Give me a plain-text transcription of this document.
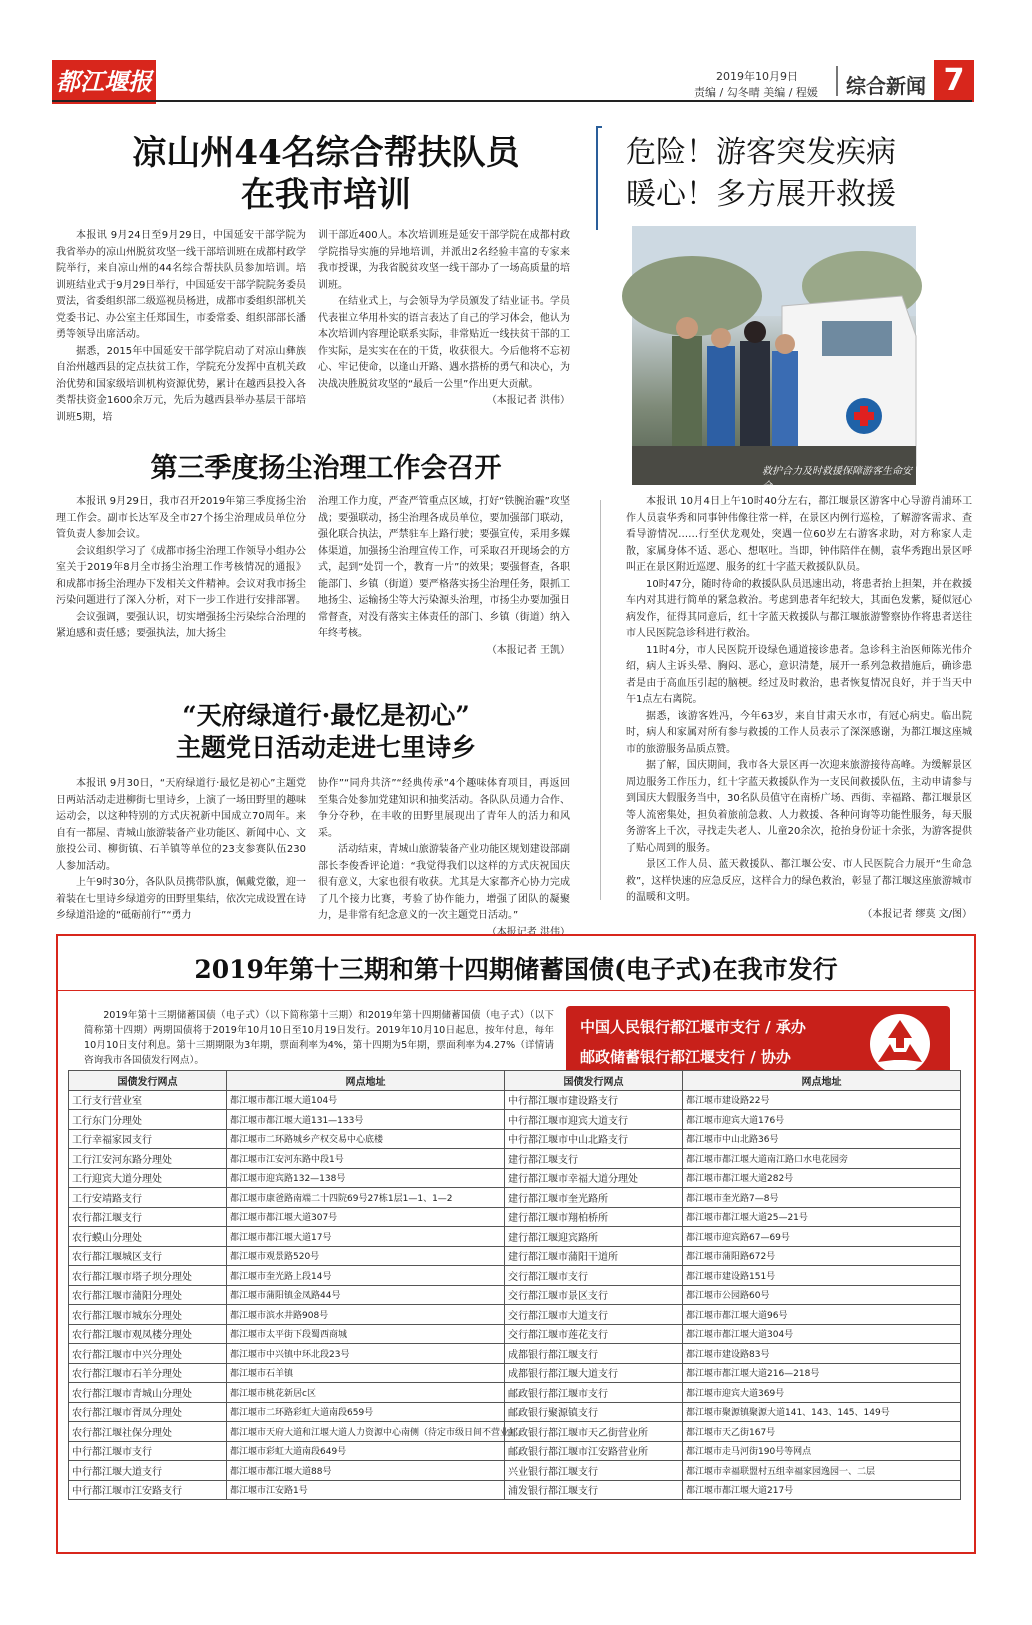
都江堰报	2019年10月9日
责编 / 勾冬晴 美编 / 程媛 综合新闻 7
凉山州44名综合帮扶队员
在我市培训

本报讯 9月24日至9月29日，中国延安干部学院为我省举办的凉山州脱贫攻坚一线干部培训班在成都村政学院举行，来自凉山州的44名综合帮扶队员参加培训。培训班结业式于9月29日举行，中国延安干部学院院务委员贾法，省委组织部二级巡视员杨进，成都市委组织部机关党委书记、办公室主任郑国生，市委常委、组织部部长潘勇等领导出席活动。

据悉，2015年中国延安干部学院启动了对凉山彝族自治州越西县的定点扶贫工作，学院充分发挥中直机关政治优势和国家级培训机构资源优势，累计在越西县投入各类帮扶资金1600余万元，先后为越西县举办基层干部培训班5期，培

训干部近400人。本次培训班是延安干部学院在成都村政学院指导实施的异地培训，并派出2名经验丰富的专家来我市授课，为我省脱贫攻坚一线干部办了一场高质量的培训班。

在结业式上，与会领导为学员颁发了结业证书。学员代表崔立华用朴实的语言表达了自己的学习体会，他认为本次培训内容理论联系实际，非常贴近一线扶贫干部的工作实际，是实实在在的干货，收获很大。今后他将不忘初心、牢记使命，以逢山开路、遇水搭桥的勇气和决心，为决战决胜脱贫攻坚的“最后一公里”作出更大贡献。

（本报记者 洪伟）
第三季度扬尘治理工作会召开

本报讯 9月29日，我市召开2019年第三季度扬尘治理工作会。副市长达军及全市27个扬尘治理成员单位分管负责人参加会议。

会议组织学习了《成都市扬尘治理工作领导小组办公室关于2019年8月全市扬尘治理工作考核情况的通报》和成都市扬尘治理办下发相关文件精神。会议对我市扬尘污染问题进行了深入分析，对下一步工作进行安排部署。

会议强调，要强认识，切实增强扬尘污染综合治理的紧迫感和责任感；要强执法，加大扬尘

治理工作力度，严查严管重点区域，打好“铁腕治霾”攻坚战；要强联动，扬尘治理各成员单位，要加强部门联动，强化联合执法，严禁驻车上路行驶；要强宣传，采用多媒体渠道，加强扬尘治理宣传工作，可采取召开现场会的方式，起到“处罚一个，教育一片”的效果；要强督查，各职能部门、乡镇（街道）要严格落实扬尘治理任务，限抓工地扬尘、运输扬尘等大污染源头治理，市扬尘办要加强日常督查，对没有落实主体责任的部门、乡镇（街道）纳入年终考核。

（本报记者 王凯）
“天府绿道行·最忆是初心”
主题党日活动走进七里诗乡

本报讯 9月30日，“天府绿道行·最忆是初心”主题党日两站活动走进柳街七里诗乡，上演了一场田野里的趣味运动会，以这种特别的方式庆祝新中国成立70周年。来自有一都屋、青城山旅游装备产业功能区、新闻中心、文旅投公司、柳街镇、石羊镇等单位的23支参赛队伍230人参加活动。

上午9时30分，各队队员携带队旗，佩戴党徽，迎一着装在七里诗乡绿道旁的田野里集结，依次完成设置在诗乡绿道沿途的“砥砺前行”“勇力

协作”“同舟共济”“经典传承”4个趣味体育项目，再返回至集合处参加党建知识和抽奖活动。各队队员通力合作、争分夺秒，在丰收的田野里展现出了青年人的活力和风采。

活动结束，青城山旅游装备产业功能区规划建设部副部长李俊香评论道：“我觉得我们以这样的方式庆祝国庆很有意义，大家也很有收获。尤其是大家都齐心协力完成了几个接力比赛，考验了协作能力，增强了团队的凝聚力，是非常有纪念意义的一次主题党日活动。”

（本报记者 洪伟）
危险！游客突发疾病
暖心！多方展开救援
救护合力及时救援保障游客生命安全。

本报讯 10月4日上午10时40分左右，都江堰景区游客中心导游肖浦环工作人员袁华秀和同事钟伟像往常一样，在景区内例行巡检，了解游客需求、查看导游情况……行至伏龙观处，突遇一位60岁左右游客求助，对方称家人走散，家属身体不适、恶心、想呕吐。当即，钟伟陪伴在侧，袁华秀跑出景区呼叫正在景区附近巡逻、服务的红十字蓝天救援队队员。

10时47分，随时待命的救援队队员迅速出动，将患者抬上担架，并在救援车内对其进行简单的紧急救治。考虑到患者年纪较大，其面色发紫，疑似冠心病发作，征得其同意后，红十字蓝天救援队与都江堰旅游警察协作将患者送往市人民医院急诊科进行救治。

11时4分，市人民医院开设绿色通道接诊患者。急诊科主治医师陈光伟介绍，病人主诉头晕、胸闷、恶心，意识清楚，展开一系列急救措施后，确诊患者是由于高血压引起的脑梗。经过及时救治，患者恢复情况良好，并于当天中午1点左右离院。

据悉，该游客姓冯，今年63岁，来自甘肃天水市，有冠心病史。临出院时，病人和家属对所有参与救援的工作人员表示了深深感谢，为都江堰这座城市的旅游服务品质点赞。

据了解，国庆期间，我市各大景区再一次迎来旅游接待高峰。为缓解景区周边服务工作压力，红十字蓝天救援队作为一支民间救援队伍，主动申请参与到国庆大假服务当中，30名队员值守在南桥广场、西街、幸福路、都江堰景区等人流密集处，担负着旅前急救、人力救援、各种问询等功能性服务，每天服务游客上千次，寻找走失老人、儿童20余次，抢抬身份证十余张，为游客提供了贴心周到的服务。

景区工作人员、蓝天救援队、都江堰公安、市人民医院合力展开“生命急救”，这样快速的应急反应，这样合力的绿色救治，彰显了都江堰这座旅游城市的温暖和文明。

（本报记者 缪莫 文/图）
2019年第十三期和第十四期储蓄国债(电子式)在我市发行

2019年第十三期储蓄国债（电子式）（以下简称第十三期）和2019年第十四期储蓄国债（电子式）（以下简称第十四期）两期国债将于2019年10月10日至10月19日发行。2019年10月10日起息，按年付息，每年10月10日支付利息。第十三期期限为3年期，票面利率为4%，第十四期为5年期，票面利率为4.27%（详情请咨询我市各国债发行网点）。

中国人民银行都江堰市支行 / 承办
邮政储蓄银行都江堰支行 / 协办
国债发行网点	网点地址	国债发行网点	网点地址
工行支行营业室	都江堰市都江堰大道104号	中行都江堰市建设路支行	都江堰市建设路22号
工行东门分理处	都江堰市都江堰大道131—133号	中行都江堰市迎宾大道支行	都江堰市迎宾大道176号
工行幸福家园支行	都江堰市二环路城乡产权交易中心底楼	中行都江堰市中山北路支行	都江堰市中山北路36号
工行江安河东路分理处	都江堰市江安河东路中段1号	建行都江堰支行	都江堰市都江堰大道南江路口水电花园旁
工行迎宾大道分理处	都江堰市迎宾路132—138号	建行都江堰市幸福大道分理处	都江堰市都江堰大道282号
工行安靖路支行	都江堰市康爸路南端二十四院69号27栋1层1—1、1—2	建行都江堰市奎光路所	都江堰市奎光路7—8号
农行都江堰支行	都江堰市都江堰大道307号	建行都江堰市翔柏桥所	都江堰市都江堰大道25—21号
农行蟆山分理处	都江堰市都江堰大道17号	建行都江堰迎宾路所	都江堰市迎宾路67—69号
农行都江堰城区支行	都江堰市观景路520号	建行都江堰市蒲阳干道所	都江堰市蒲阳路672号
农行都江堰市塔子坝分理处	都江堰市奎光路上段14号	交行都江堰市支行	都江堰市建设路151号
农行都江堰市蒲阳分理处	都江堰市蒲阳镇金凤路44号	交行都江堰市景区支行	都江堰市公园路60号
农行都江堰市城东分理处	都江堰市滨水井路908号	交行都江堰市大道支行	都江堰市都江堰大道96号
农行都江堰市观凤楼分理处	都江堰市太平街下段蜀西商城	交行都江堰市莲花支行	都江堰市都江堰大道304号
农行都江堰市中兴分理处	都江堰市中兴镇中环北段23号	成都银行都江堰支行	都江堰市建设路83号
农行都江堰市石羊分理处	都江堰市石羊镇	成都银行都江堰大道支行	都江堰市都江堰大道216—218号
农行都江堰市青城山分理处	都江堰市桃花新居c区	邮政银行都江堰市支行	都江堰市迎宾大道369号
农行都江堰市胥凤分理处	都江堰市二环路彩虹大道南段659号	邮政银行聚源镇支行	都江堰市聚源镇聚源大道141、143、145、149号
农行都江堰社保分理处	都江堰市天府大道和江堰大道人力资源中心南侧（待定市级日间不营业）	邮政银行都江堰市天乙街营业所	都江堰市天乙街167号
中行都江堰市支行	都江堰市彩虹大道南段649号	邮政银行都江堰市江安路营业所	都江堰市走马河街190号等网点
中行都江堰大道支行	都江堰市都江堰大道88号	兴业银行都江堰支行	都江堰市幸福联盟村五组幸福家园逸园一、二层
中行都江堰市江安路支行	都江堰市江安路1号	浦发银行都江堰支行	都江堰市都江堰大道217号
